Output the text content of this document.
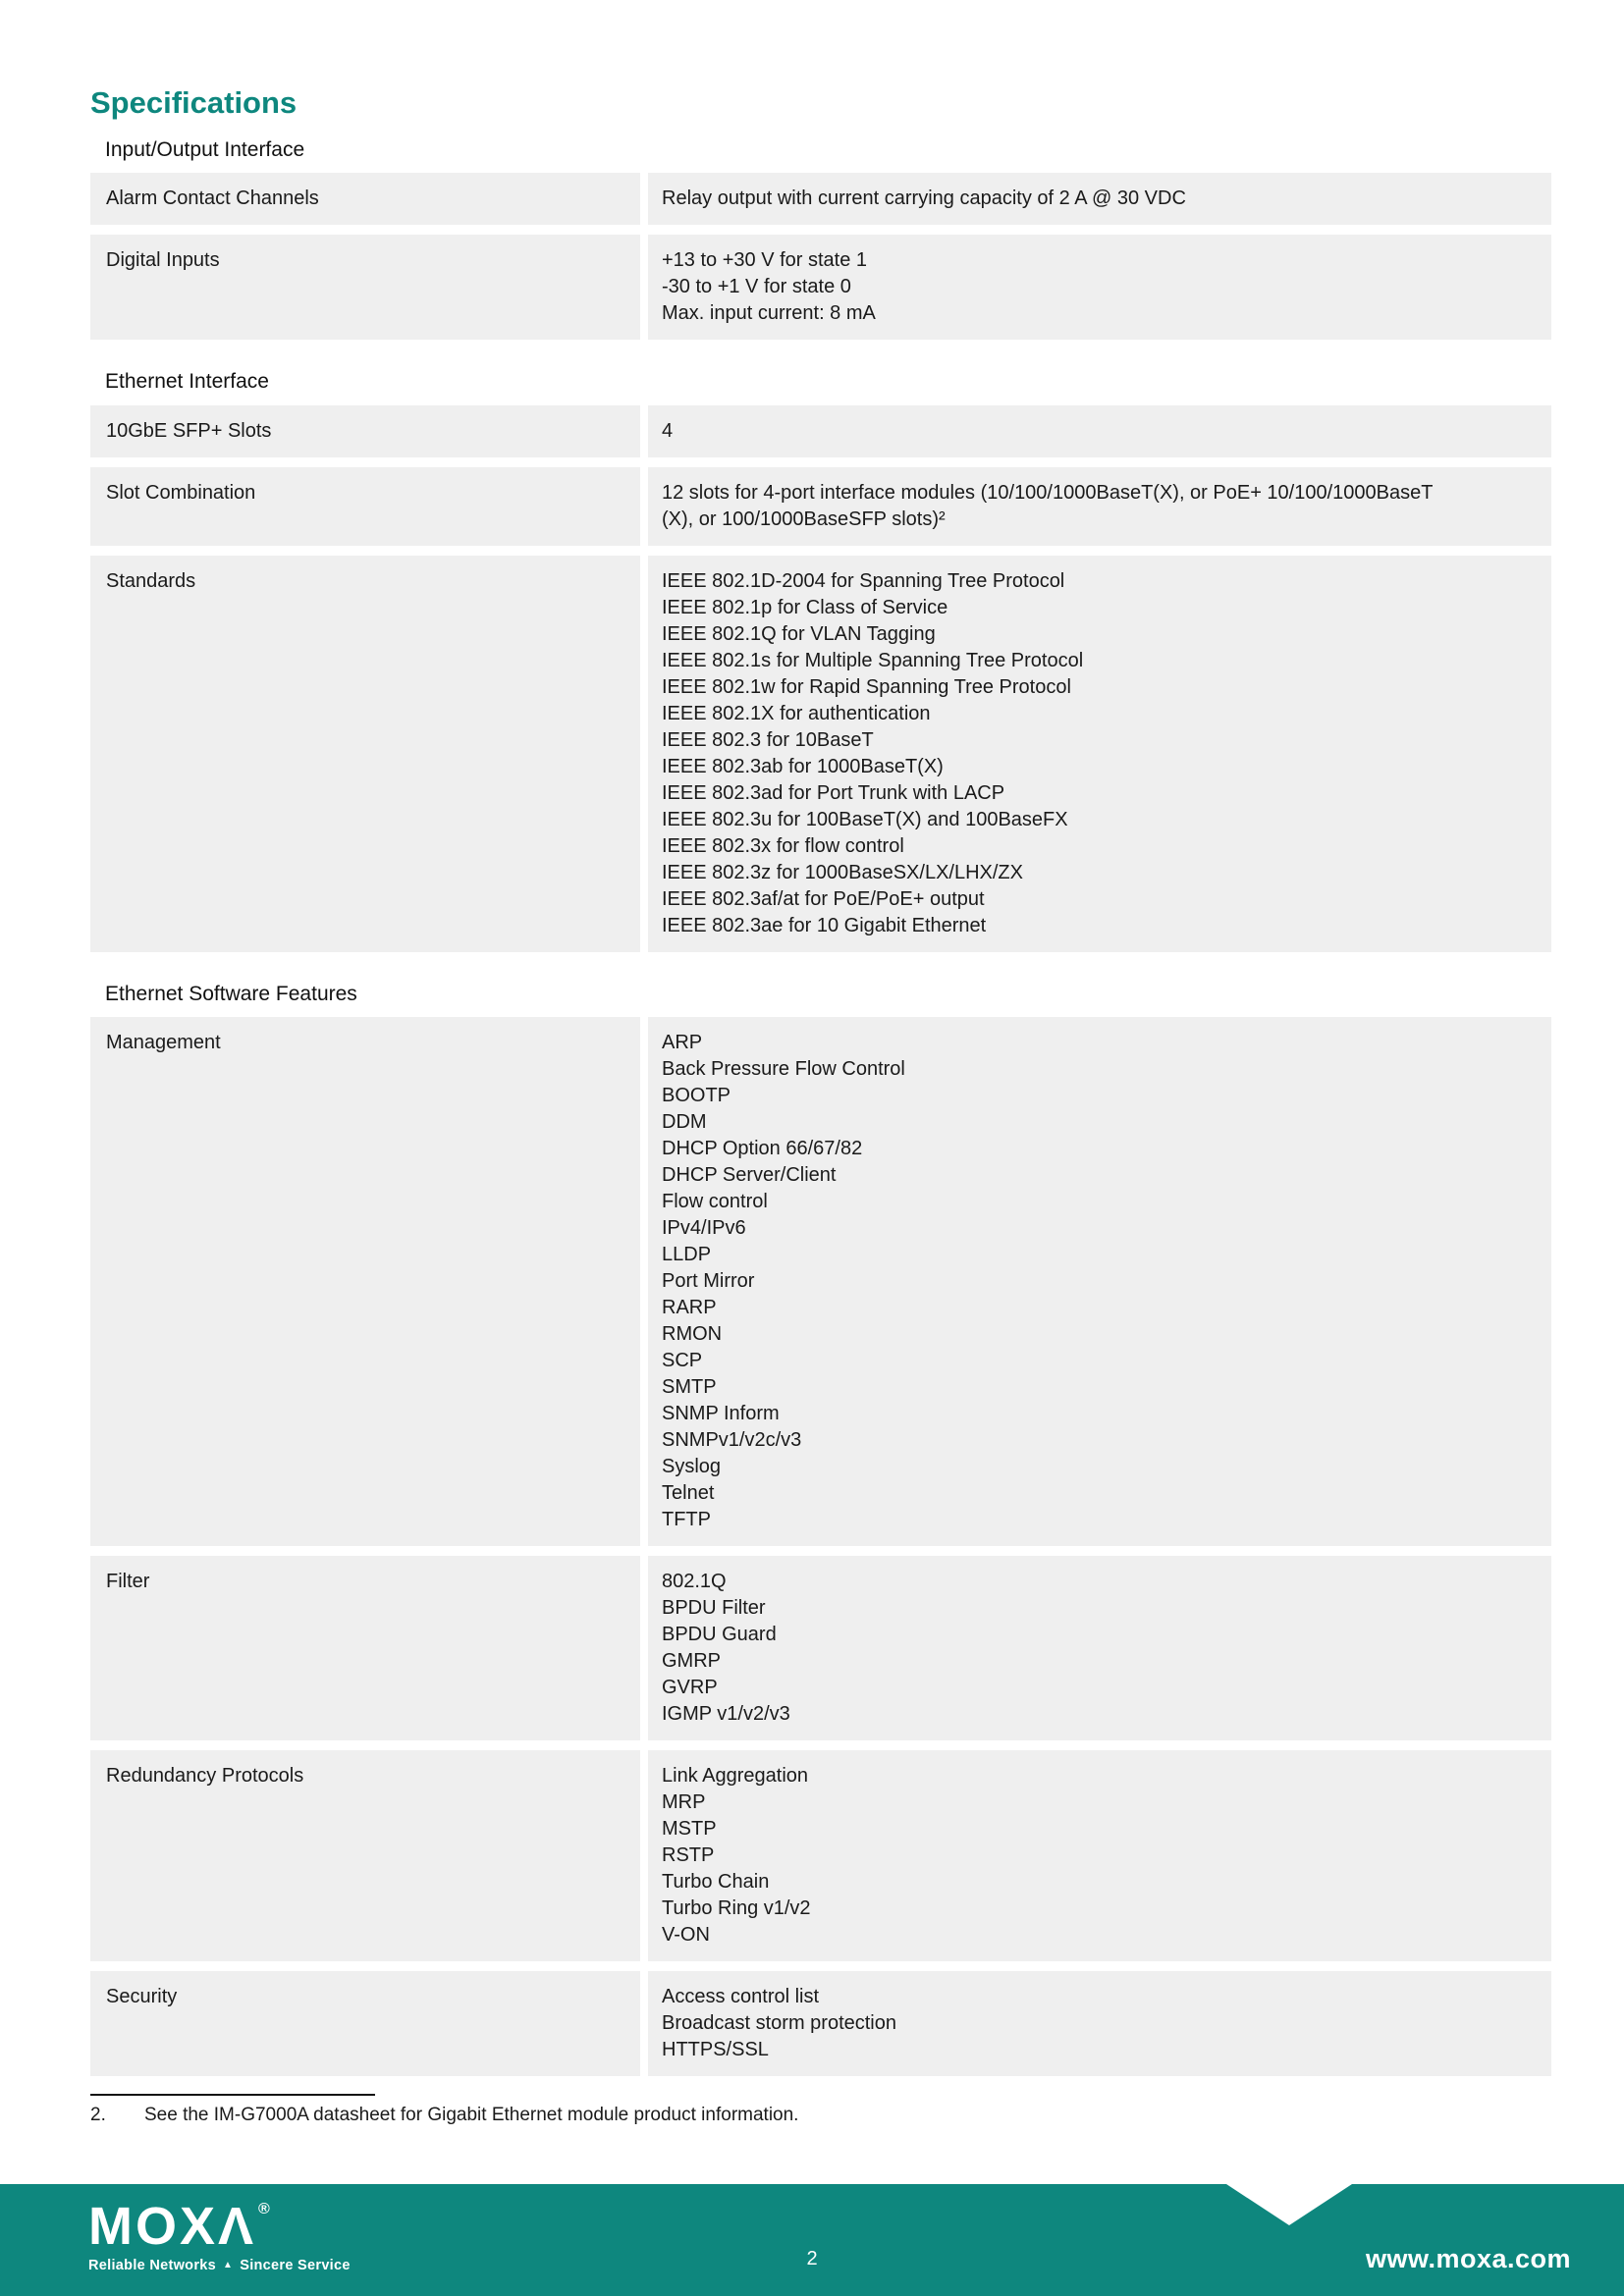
Specifications
Input/Output Interface
Alarm Contact Channels	Relay output with current carrying capacity of 2 A @ 30 VDC
Digital Inputs	+13 to +30 V for state 1
-30 to +1 V for state 0
Max. input current: 8 mA
Ethernet Interface
10GbE SFP+ Slots	4
Slot Combination	12 slots for 4-port interface modules (10/100/1000BaseT(X), or PoE+ 10/100/1000BaseT
(X), or 100/1000BaseSFP slots)²
Standards	IEEE 802.1D-2004 for Spanning Tree Protocol
IEEE 802.1p for Class of Service
IEEE 802.1Q for VLAN Tagging
IEEE 802.1s for Multiple Spanning Tree Protocol
IEEE 802.1w for Rapid Spanning Tree Protocol
IEEE 802.1X for authentication
IEEE 802.3 for 10BaseT
IEEE 802.3ab for 1000BaseT(X)
IEEE 802.3ad for Port Trunk with LACP
IEEE 802.3u for 100BaseT(X) and 100BaseFX
IEEE 802.3x for flow control
IEEE 802.3z for 1000BaseSX/LX/LHX/ZX
IEEE 802.3af/at for PoE/PoE+ output
IEEE 802.3ae for 10 Gigabit Ethernet
Ethernet Software Features
Management	ARP
Back Pressure Flow Control
BOOTP
DDM
DHCP Option 66/67/82
DHCP Server/Client
Flow control
IPv4/IPv6
LLDP
Port Mirror
RARP
RMON
SCP
SMTP
SNMP Inform
SNMPv1/v2c/v3
Syslog
Telnet
TFTP
Filter	802.1Q
BPDU Filter
BPDU Guard
GMRP
GVRP
IGMP v1/v2/v3
Redundancy Protocols	Link Aggregation
MRP
MSTP
RSTP
Turbo Chain
Turbo Ring v1/v2
V-ON
Security	Access control list
Broadcast storm protection
HTTPS/SSL
2. See the IM-G7000A datasheet for Gigabit Ethernet module product information.
MOXΛ ®
Reliable Networks ▲ Sincere Service	2	www.moxa.com
